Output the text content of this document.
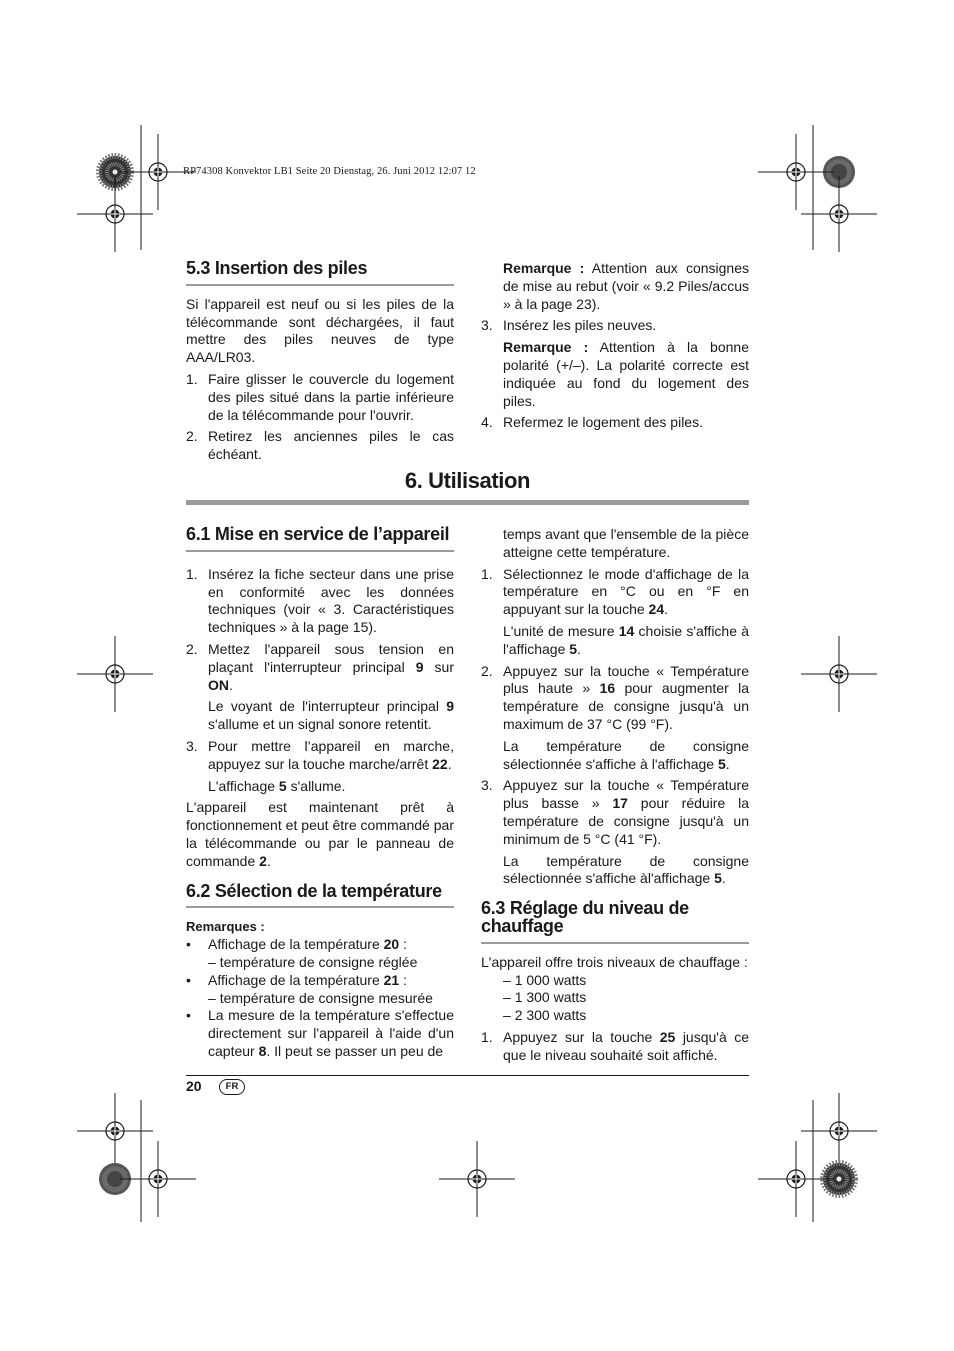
RP74308 Konvektor LB1 Seite 20 Dienstag, 26. Juni 2012 12:07 12
5.3 Insertion des piles

Si l'appareil est neuf ou si les piles de la télécommande sont déchargées, il faut mettre des piles neuves de type AAA/LR03.

1. Faire glisser le couvercle du logement des piles situé dans la partie inférieure de la télécommande pour l'ouvrir.
2. Retirez les anciennes piles le cas échéant.

Remarque : Attention aux consignes de mise au rebut (voir « 9.2 Piles/accus » à la page 23).

3. Insérez les piles neuves.

Remarque : Attention à la bonne polarité (+/–). La polarité correcte est indiquée au fond du logement des piles.

4. Refermez le logement des piles.
6. Utilisation
6.1 Mise en service de l’appareil
1. Insérez la fiche secteur dans une prise en conformité avec les données techniques (voir « 3. Caractéristiques techniques » à la page 15).
2. Mettez l'appareil sous tension en plaçant l'interrupteur principal 9 sur ON.

Le voyant de l'interrupteur principal 9 s'allume et un signal sonore retentit.

3. Pour mettre l’appareil en marche, appuyez sur la touche marche/arrêt 22.

L'affichage 5 s'allume.

L'appareil est maintenant prêt à fonctionnement et peut être commandé par la télécommande ou par le panneau de commande 2.

6.2 Sélection de la température

Remarques :

•	Affichage de la température 20 :
– température de consigne réglée
•	Affichage de la température 21 :
– température de consigne mesurée
•	La mesure de la température s'effectue directement sur l'appareil à l'aide d'un capteur 8. Il peut se passer un peu de

temps avant que l'ensemble de la pièce atteigne cette température.

1. Sélectionnez le mode d'affichage de la température en °C ou en °F en appuyant sur la touche 24.

L'unité de mesure 14 choisie s'affiche à l'affichage 5.

2. Appuyez sur la touche « Température plus haute » 16 pour augmenter la température de consigne jusqu'à un maximum de 37 °C (99 °F).

La température de consigne sélectionnée s'affiche à l'affichage 5.

3. Appuyez sur la touche « Température plus basse » 17 pour réduire la température de consigne jusqu'à un minimum de 5 °C (41 °F).

La température de consigne sélectionnée s'affiche àl'affichage 5.

6.3 Réglage du niveau de chauffage

L'appareil offre trois niveaux de chauffage :

– 1 000 watts
– 1 300 watts
– 2 300 watts
1. Appuyez sur la touche 25 jusqu'à ce que le niveau souhaité soit affiché.
20	FR
